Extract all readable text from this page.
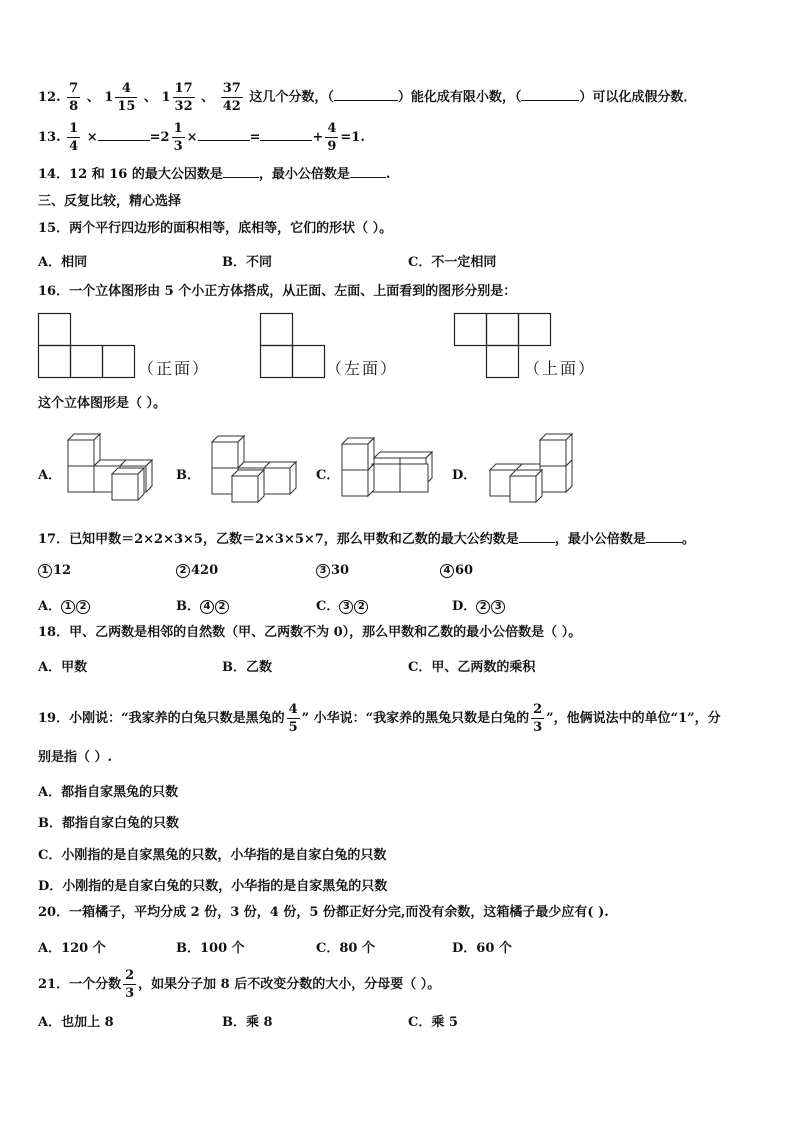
12. $\frac{7}{8}$ 、 $1 \frac{4}{15}$ 、 $1 \frac{17}{32}$ 、 $\frac{37}{42}$ 这几个分数，（	）能化成有限小数，（	）可以化成假分数．
13. $\frac{1}{4}$ ×	$=2 \frac{1}{3}$ ×	=	+ $\frac{4}{9} =1$.
14．12 和 16 的最大公因数是	，最小公倍数是	.
三、反复比较，精心选择
15．两个平行四边形的面积相等，底相等，它们的形状（ ）。
A．相同	B．不同	C．不一定相同
16．一个立体图形由 5 个小正方体搭成，从正面、左面、上面看到的图形分别是：
（正面）	（左面）	（上面）
这个立体图形是（ ）。
A．	B．	C．	D．
17．已知甲数＝2×2×3×5，乙数＝2×3×5×7，那么甲数和乙数的最大公约数是	，最小公倍数是	。
1 12	2 420	3 30	4 60
A． 1 2	B． 4 2	C． 3 2	D． 2 3
18．甲、乙两数是相邻的自然数（甲、乙两数不为 0），那么甲数和乙数的最小公倍数是（ ）。
A．甲数	B．乙数	C．甲、乙两数的乘积
19．小刚说：“我家养的白兔只数是黑兔的 $\frac{4}{5}$ ” 小华说：“我家养的黑兔只数是白兔的 $\frac{2}{3}$ ”，他俩说法中的单位“1”，分
别是指（ ）.
A．都指自家黑兔的只数
B．都指自家白兔的只数
C．小刚指的是自家黑兔的只数，小华指的是自家白兔的只数
D．小刚指的是自家白兔的只数，小华指的是自家黑兔的只数
20．一箱橘子，平均分成 2 份，3 份，4 份，5 份都正好分完,而没有余数，这箱橘子最少应有( ).
A．120 个	B．100 个	C．80 个	D．60 个
21．一个分数 $\frac{2}{3}$ ，如果分子加 8 后不改变分数的大小，分母要（ ）。
A．也加上 8	B．乘 8	C．乘 5
